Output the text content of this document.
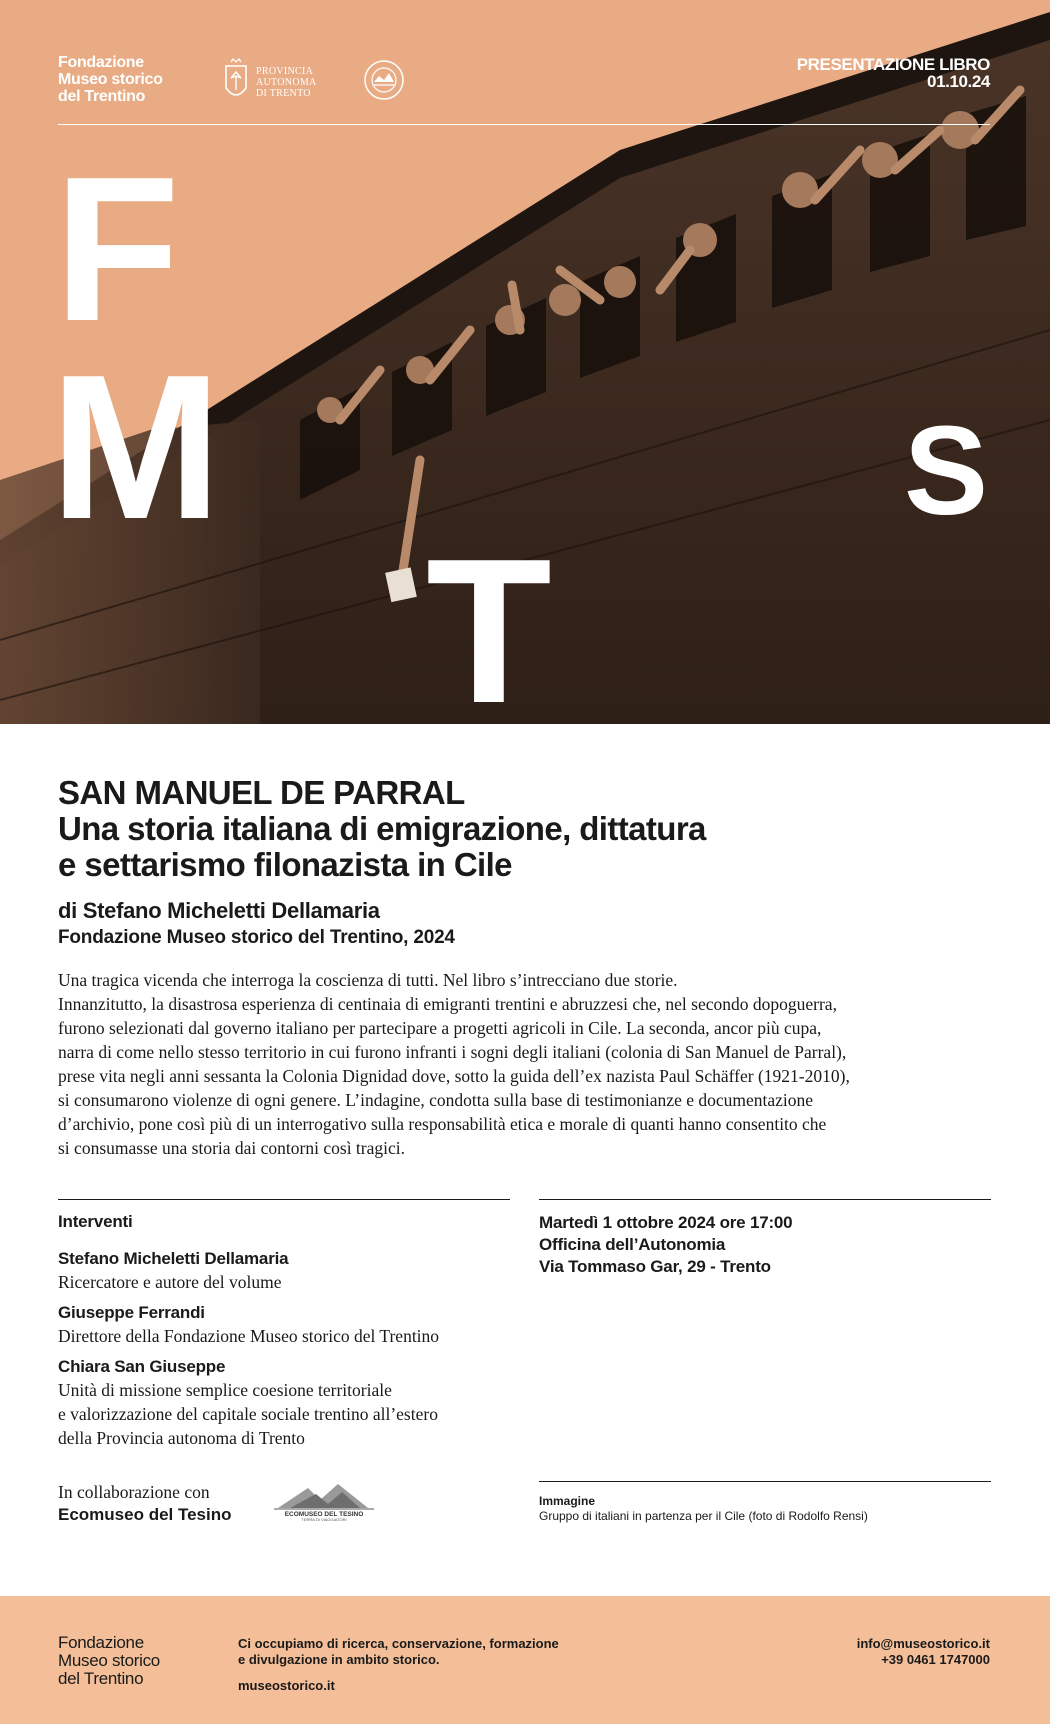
Fondazione
Museo storico
del Trentino
PROVINCIA
AUTONOMA
DI TRENTO
PRESENTAZIONE LIBRO
01.10.24
F
M
T
S
SAN MANUEL DE PARRAL
Una storia italiana di emigrazione, dittatura
e settarismo filonazista in Cile
di Stefano Micheletti Dellamaria
Fondazione Museo storico del Trentino, 2024
Una tragica vicenda che interroga la coscienza di tutti. Nel libro s’intrecciano due storie.
Innanzitutto, la disastrosa esperienza di centinaia di emigranti trentini e abruzzesi che, nel secondo dopoguerra,
furono selezionati dal governo italiano per partecipare a progetti agricoli in Cile. La seconda, ancor più cupa,
narra di come nello stesso territorio in cui furono infranti i sogni degli italiani (colonia di San Manuel de Parral),
prese vita negli anni sessanta la Colonia Dignidad dove, sotto la guida dell’ex nazista Paul Schäffer (1921-2010),
si consumarono violenze di ogni genere. L’indagine, condotta sulla base di testimonianze e documentazione
d’archivio, pone così più di un interrogativo sulla responsabilità etica e morale di quanti hanno consentito che
si consumasse una storia dai contorni così tragici.
Interventi
Stefano Micheletti Dellamaria
Ricercatore e autore del volume
Giuseppe Ferrandi
Direttore della Fondazione Museo storico del Trentino
Chiara San Giuseppe
Unità di missione semplice coesione territoriale
e valorizzazione del capitale sociale trentino all’estero
della Provincia autonoma di Trento
Martedì 1 ottobre 2024 ore 17:00
Officina dell’Autonomia
Via Tommaso Gar, 29 - Trento
In collaborazione con
Ecomuseo del Tesino	ECOMUSEO DEL TESINO
TERRA DI VIAGGIATORI
Immagine
Gruppo di italiani in partenza per il Cile (foto di Rodolfo Rensi)
Fondazione
Museo storico
del Trentino
Ci occupiamo di ricerca, conservazione, formazione
e divulgazione in ambito storico.
museostorico.it
info@museostorico.it
+39 0461 1747000
